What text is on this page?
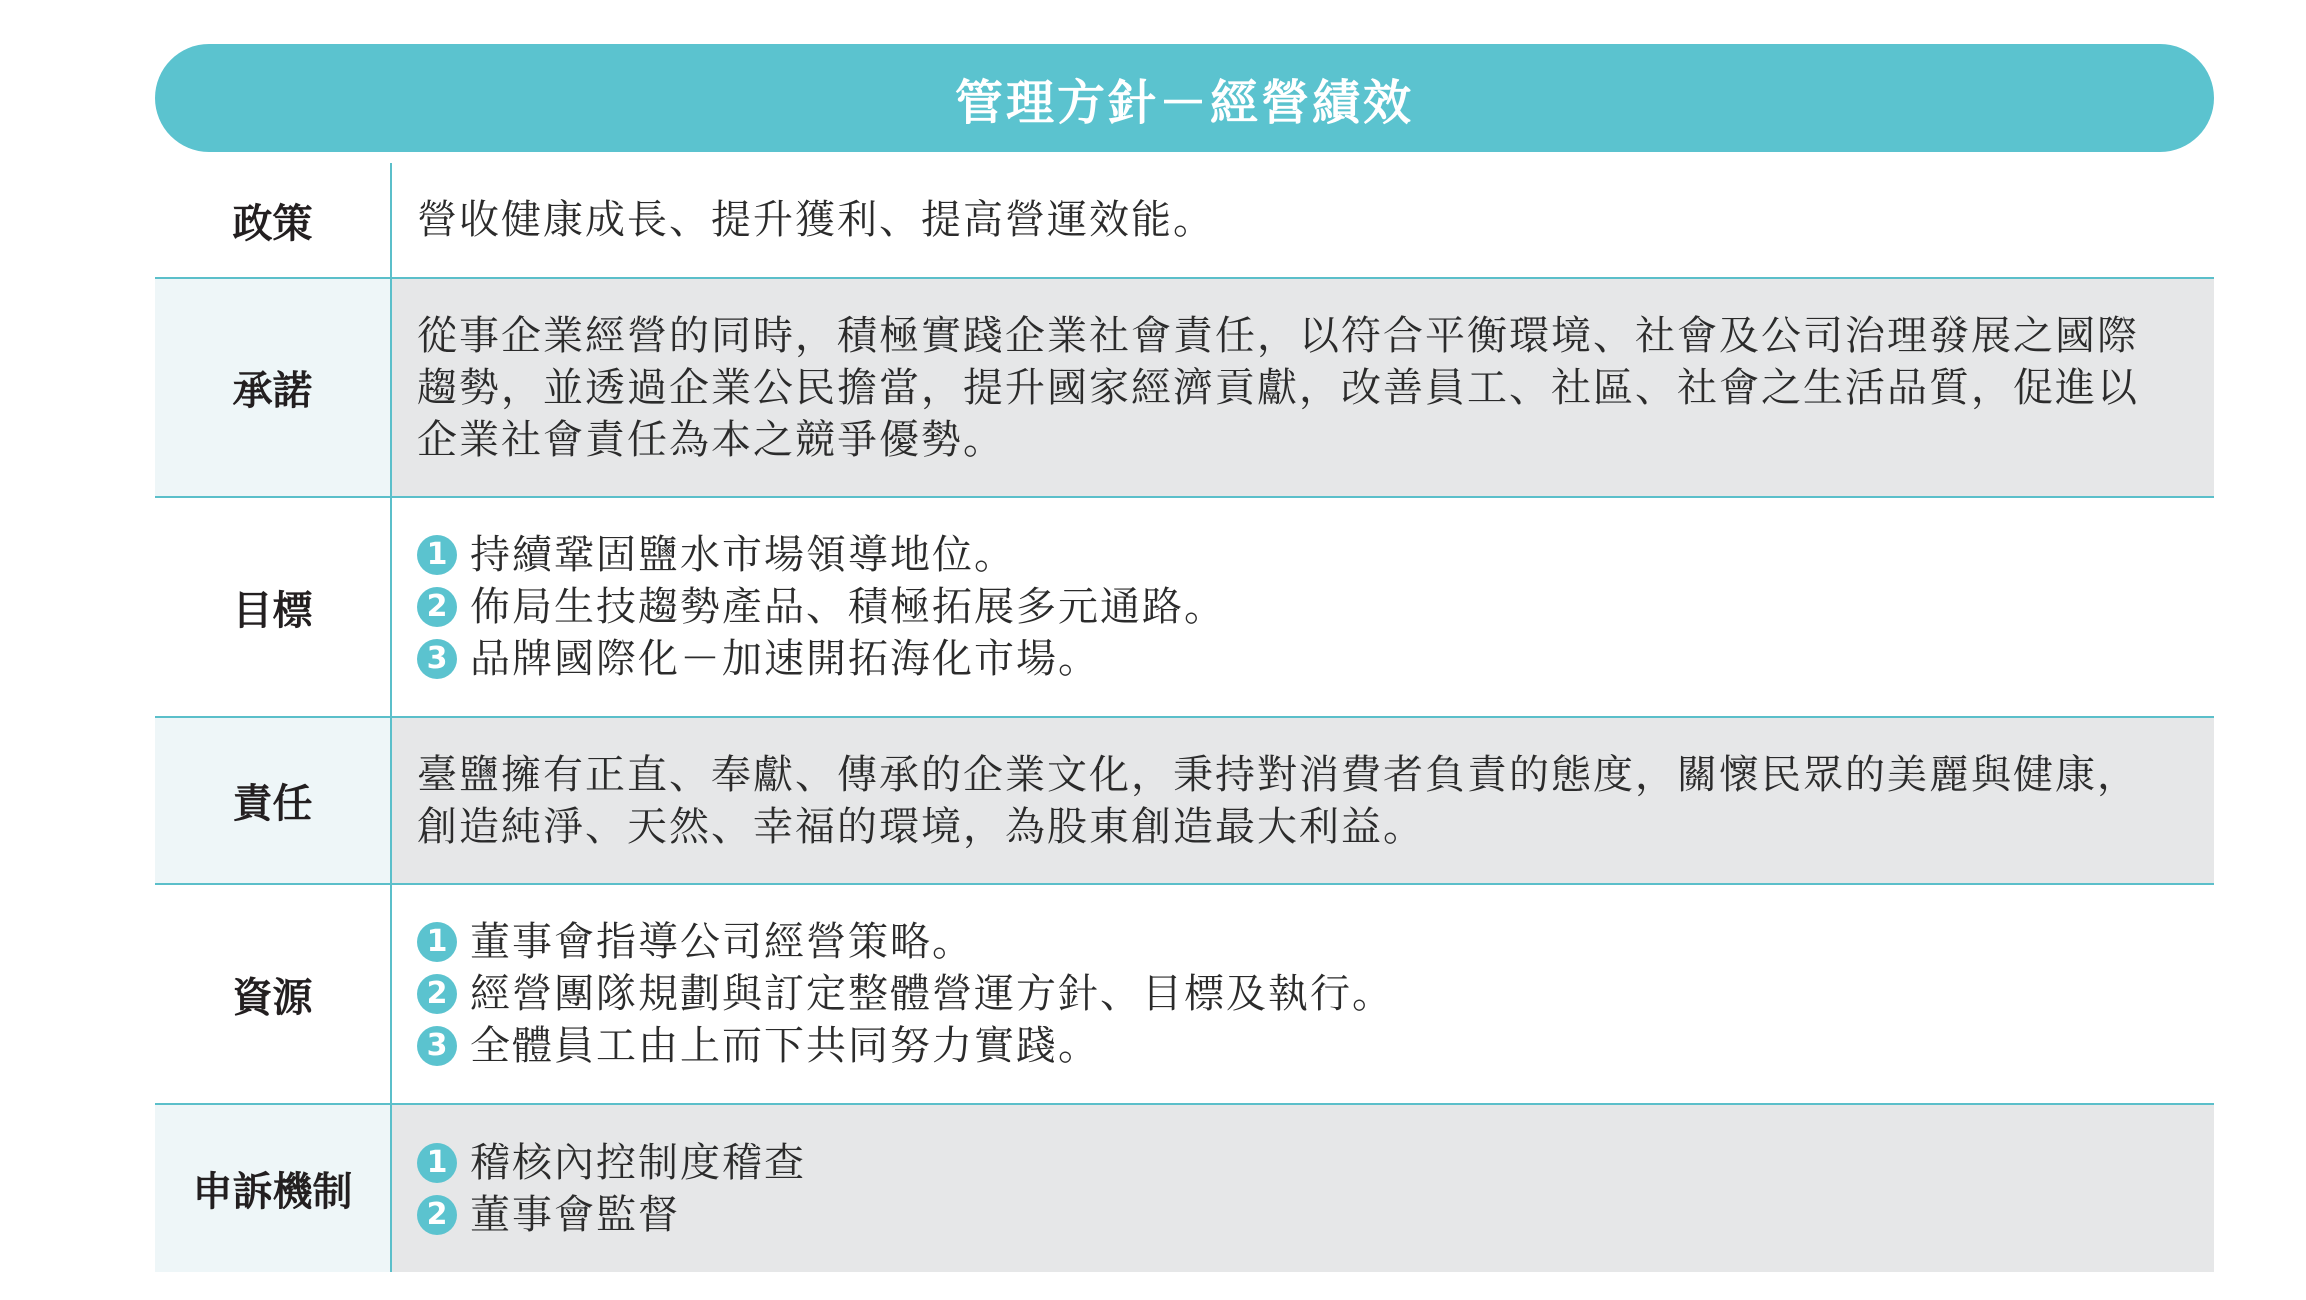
管理方針－經營績效
政策	營收健康成長、提升獲利、提高營運效能。
承諾
從事企業經營的同時，積極實踐企業社會責任，以符合平衡環境、社會及公司治理發展之國際
趨勢，並透過企業公民擔當，提升國家經濟貢獻，改善員工、社區、社會之生活品質，促進以
企業社會責任為本之競爭優勢。
目標
1 持續鞏固鹽水市場領導地位。
2 佈局生技趨勢產品、積極拓展多元通路。
3 品牌國際化－加速開拓海化市場。
責任
臺鹽擁有正直、奉獻、傳承的企業文化，秉持對消費者負責的態度，關懷民眾的美麗與健康，
創造純淨、天然、幸福的環境，為股東創造最大利益。
資源
1 董事會指導公司經營策略。
2 經營團隊規劃與訂定整體營運方針、目標及執行。
3 全體員工由上而下共同努力實踐。
申訴機制
1 稽核內控制度稽查
2 董事會監督
